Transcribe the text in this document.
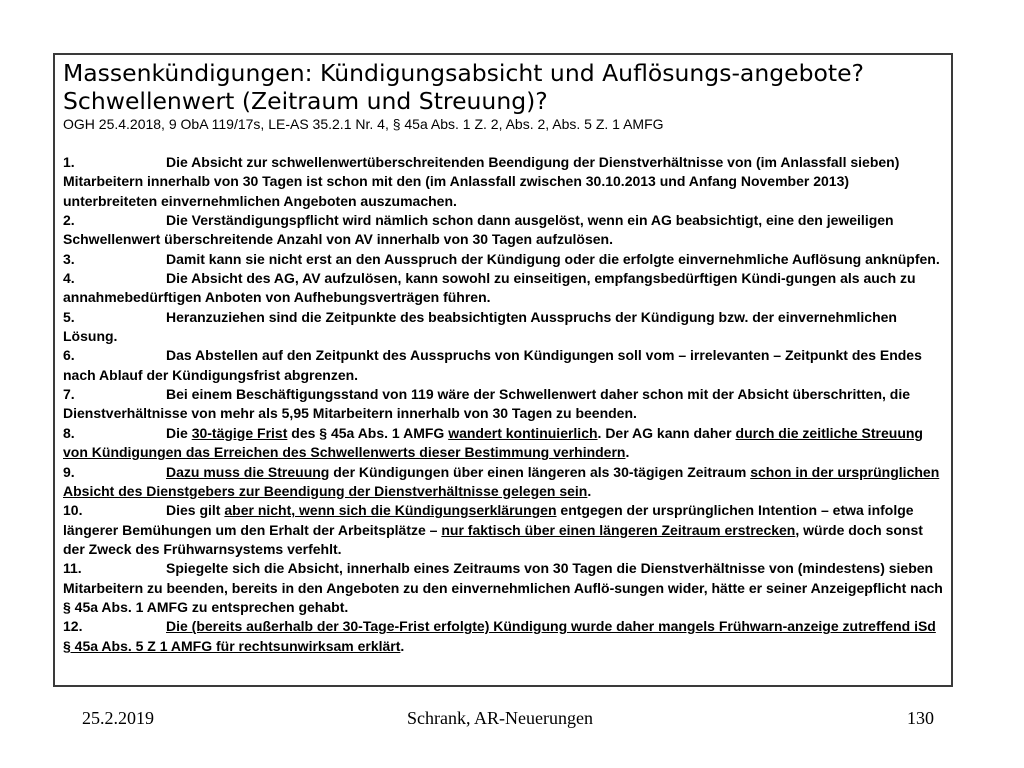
Massenkündigungen: Kündigungsabsicht und Auflösungs-angebote? Schwellenwert (Zeitraum und Streuung)?

OGH 25.4.2018, 9 ObA 119/17s, LE-AS 35.2.1 Nr. 4, § 45a Abs. 1 Z. 2, Abs. 2, Abs. 5 Z. 1 AMFG

1.	Die Absicht zur schwellenwertüberschreitenden Beendigung der Dienstverhältnisse von (im Anlassfall sieben) Mitarbeitern innerhalb von 30 Tagen ist schon mit den (im Anlassfall zwischen 30.10.2013 und Anfang November 2013) unterbreiteten einvernehmlichen Angeboten auszumachen.

2.	Die Verständigungspflicht wird nämlich schon dann ausgelöst, wenn ein AG beabsichtigt, eine den jeweiligen Schwellenwert überschreitende Anzahl von AV innerhalb von 30 Tagen aufzulösen.

3.	Damit kann sie nicht erst an den Ausspruch der Kündigung oder die erfolgte einvernehmliche Auflösung anknüpfen.

4.	Die Absicht des AG, AV aufzulösen, kann sowohl zu einseitigen, empfangsbedürftigen Kündi-gungen als auch zu annahmebedürftigen Anboten von Aufhebungsverträgen führen.

5.	Heranzuziehen sind die Zeitpunkte des beabsichtigten Ausspruchs der Kündigung bzw. der einvernehmlichen Lösung.

6.	Das Abstellen auf den Zeitpunkt des Ausspruchs von Kündigungen soll vom – irrelevanten – Zeitpunkt des Endes nach Ablauf der Kündigungsfrist abgrenzen.

7.	Bei einem Beschäftigungsstand von 119 wäre der Schwellenwert daher schon mit der Absicht überschritten, die Dienstverhältnisse von mehr als 5,95 Mitarbeitern innerhalb von 30 Tagen zu beenden.

8.	Die 30-tägige Frist des § 45a Abs. 1 AMFG wandert kontinuierlich. Der AG kann daher durch die zeitliche Streuung von Kündigungen das Erreichen des Schwellenwerts dieser Bestimmung verhindern.

9.	Dazu muss die Streuung der Kündigungen über einen längeren als 30-tägigen Zeitraum schon in der ursprünglichen Absicht des Dienstgebers zur Beendigung der Dienstverhältnisse gelegen sein.

10.	Dies gilt aber nicht, wenn sich die Kündigungserklärungen entgegen der ursprünglichen Intention – etwa infolge längerer Bemühungen um den Erhalt der Arbeitsplätze – nur faktisch über einen längeren Zeitraum erstrecken, würde doch sonst der Zweck des Frühwarnsystems verfehlt.

11.	Spiegelte sich die Absicht, innerhalb eines Zeitraums von 30 Tagen die Dienstverhältnisse von (mindestens) sieben Mitarbeitern zu beenden, bereits in den Angeboten zu den einvernehmlichen Auflö-sungen wider, hätte er seiner Anzeigepflicht nach § 45a Abs. 1 AMFG zu entsprechen gehabt.

12.	Die (bereits außerhalb der 30-Tage-Frist erfolgte) Kündigung wurde daher mangels Frühwarn-anzeige zutreffend iSd § 45a Abs. 5 Z 1 AMFG für rechtsunwirksam erklärt.

25.2.2019	Schrank, AR-Neuerungen	130
